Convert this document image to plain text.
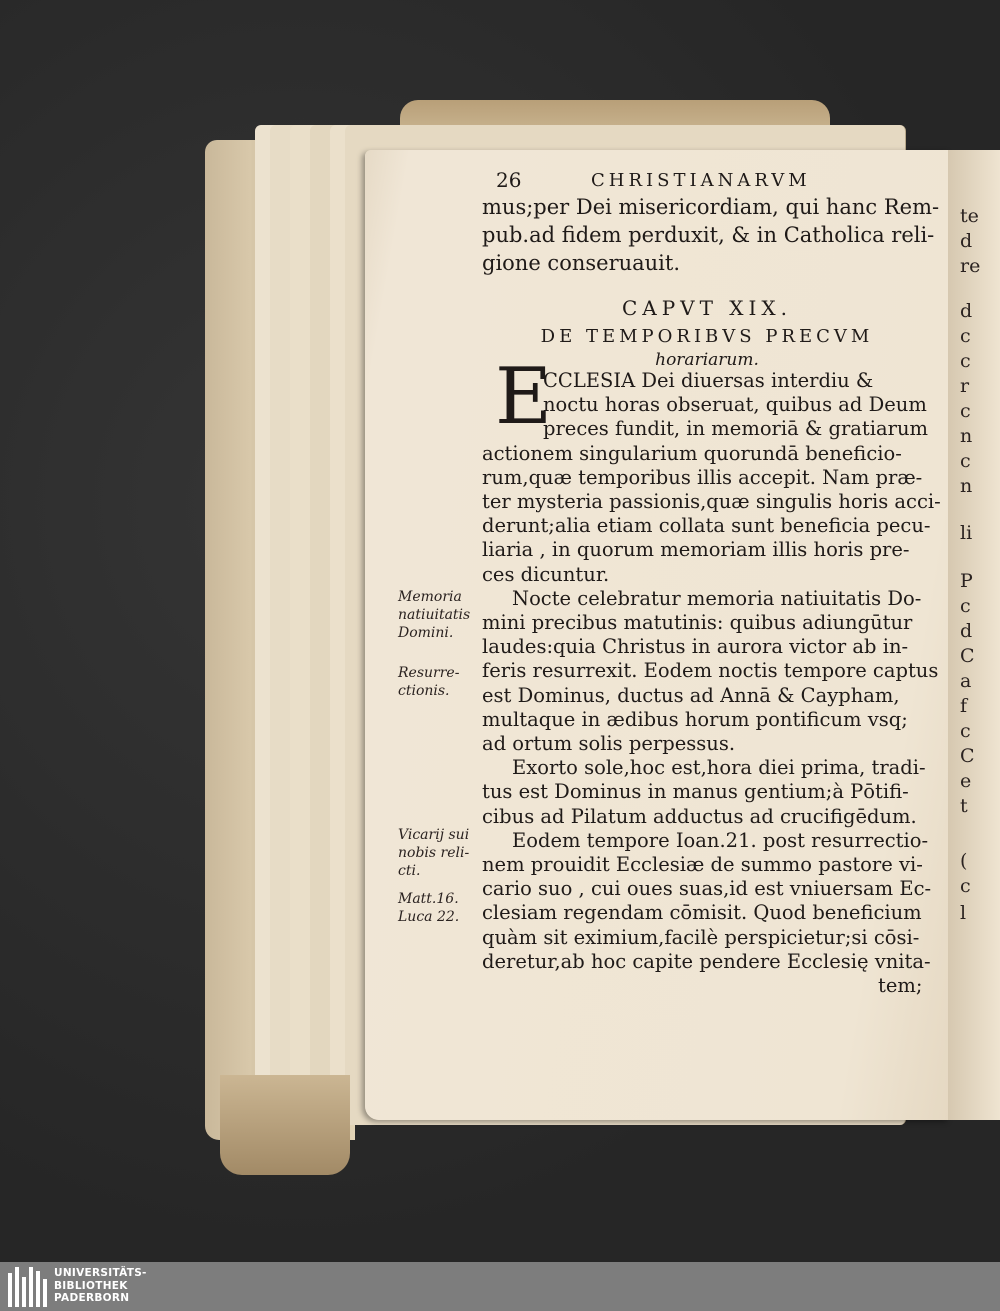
te
d
re
d
c
c
r
c
n
c
n
li
P
c
d
C
a
f
c
C
e
t
(
c
l
26	CHRISTIANARVM
mus;per Dei misericordiam, qui hanc Rem-
pub.ad fidem perduxit, & in Catholica reli-
gione conseruauit.
CAPVT XIX.
DE TEMPORIBVS PRECVM
horariarum.
E
CCLESIA Dei diuersas interdiu &
noctu horas obseruat, quibus ad Deum
preces fundit, in memoriā & gratiarum
actionem singularium quorundā beneficio-
rum,quæ temporibus illis accepit. Nam præ-
ter mysteria passionis,quæ singulis horis acci-
derunt;alia etiam collata sunt beneficia pecu-
liaria , in quorum memoriam illis horis pre-
ces dicuntur.
Nocte celebratur memoria natiuitatis Do-
mini precibus matutinis: quibus adiungūtur
laudes:quia Christus in aurora victor ab in-
feris resurrexit. Eodem noctis tempore captus
est Dominus, ductus ad Annā & Caypham,
multaque in ædibus horum pontificum vsq;
ad ortum solis perpessus.
Exorto sole,hoc est,hora diei prima, tradi-
tus est Dominus in manus gentium;à Pōtifi-
cibus ad Pilatum adductus ad crucifigēdum.
Eodem tempore Ioan.21. post resurrectio-
nem prouidit Ecclesiæ de summo pastore vi-
cario suo , cui oues suas,id est vniuersam Ec-
clesiam regendam cōmisit. Quod beneficium
quàm sit eximium,facilè perspicietur;si cōsi-
deretur,ab hoc capite pendere Ecclesię vnita-
tem;
Memoria
natiuitatis
Domini.
Resurre-
ctionis.
Vicarij sui
nobis reli-
cti.
Matt.16.
Luca 22.
UNIVERSITÄTS-
BIBLIOTHEK
PADERBORN
